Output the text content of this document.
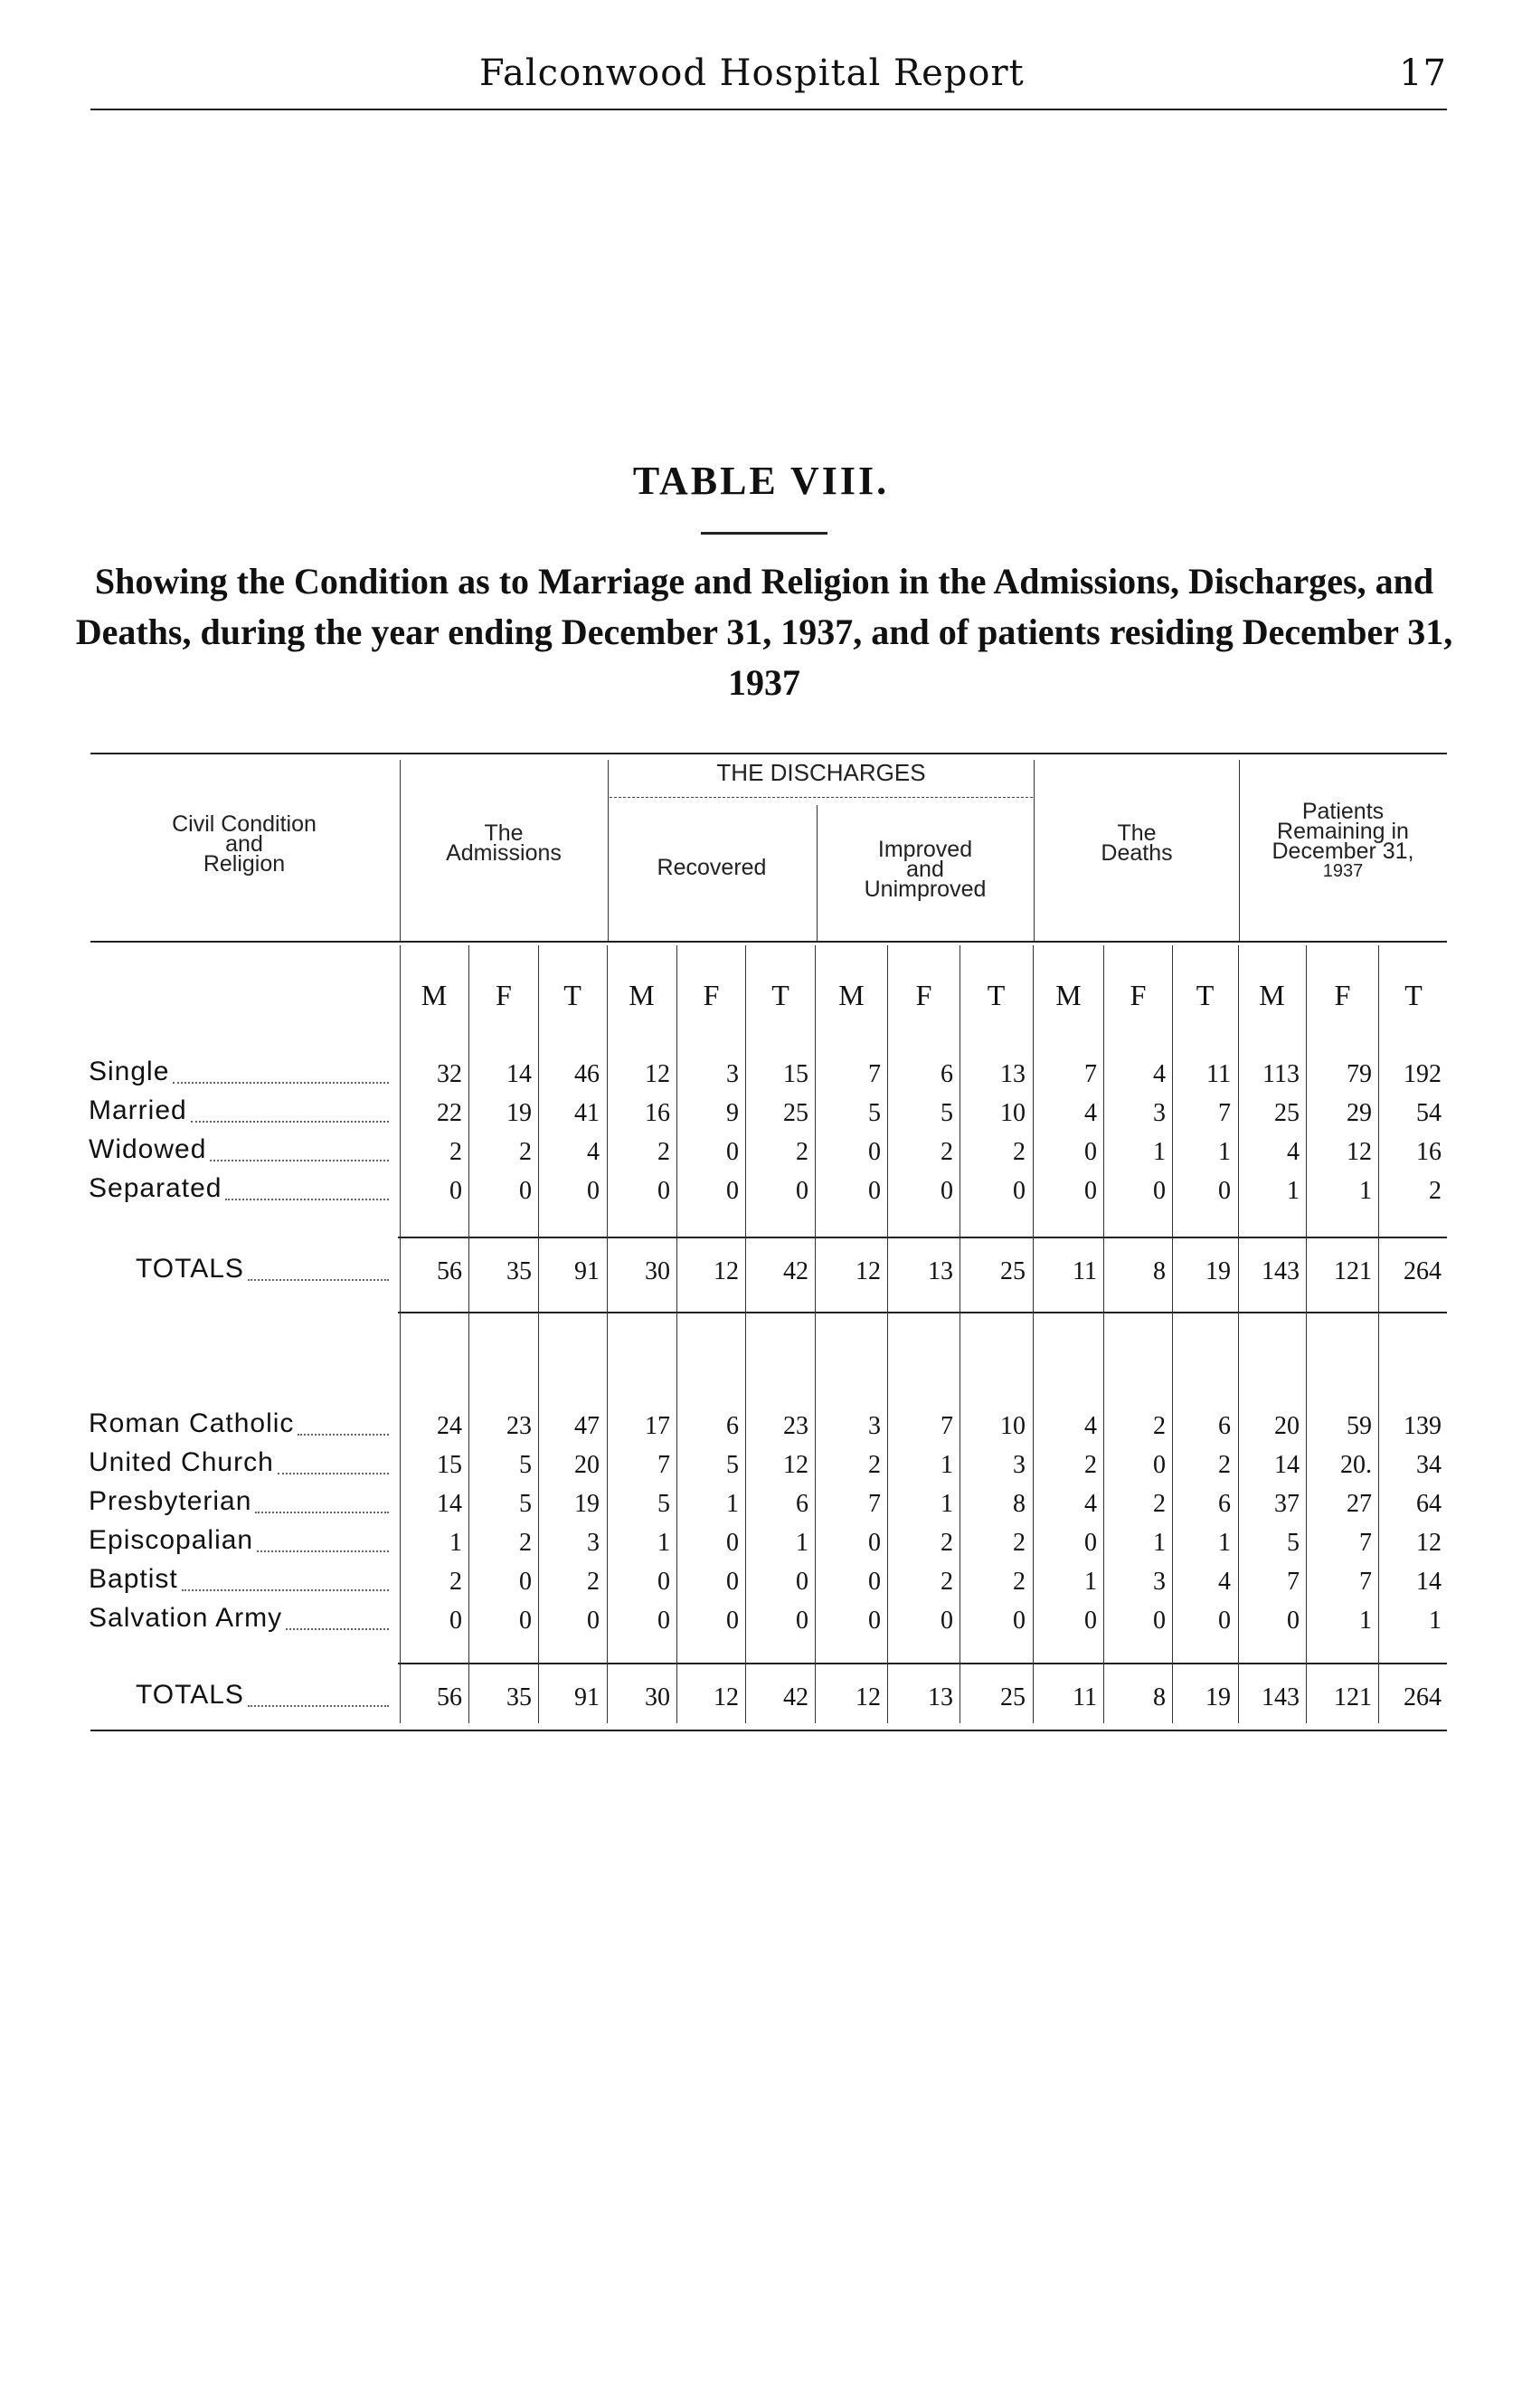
Falconwood Hospital Report	17
TABLE VIII.
Showing the Condition as to Marriage and Religion in the Admissions, Discharges, and Deaths, during the year ending December 31, 1937, and of patients residing December 31, 1937
Civil Condition
and
Religion
The
Admissions
THE DISCHARGES
Recovered
Improved
and
Unimproved
The
Deaths
Patients
Remaining in
December 31,
1937
M	F	T	M	F	T	M	F	T	M	F	T	M	F	T
Single	32	14	46	12	3	15	7	6	13	7	4	11	113	79	192
Married	22	19	41	16	9	25	5	5	10	4	3	7	25	29	54
Widowed	2	2	4	2	0	2	0	2	2	0	1	1	4	12	16
Separated	0	0	0	0	0	0	0	0	0	0	0	0	1	1	2
TOTALS	56	35	91	30	12	42	12	13	25	11	8	19	143	121	264
Roman Catholic	24	23	47	17	6	23	3	7	10	4	2	6	20	59	139
United Church	15	5	20	7	5	12	2	1	3	2	0	2	14	20.	34
Presbyterian	14	5	19	5	1	6	7	1	8	4	2	6	37	27	64
Episcopalian	1	2	3	1	0	1	0	2	2	0	1	1	5	7	12
Baptist	2	0	2	0	0	0	0	2	2	1	3	4	7	7	14
Salvation Army	0	0	0	0	0	0	0	0	0	0	0	0	0	1	1
TOTALS	56	35	91	30	12	42	12	13	25	11	8	19	143	121	264
